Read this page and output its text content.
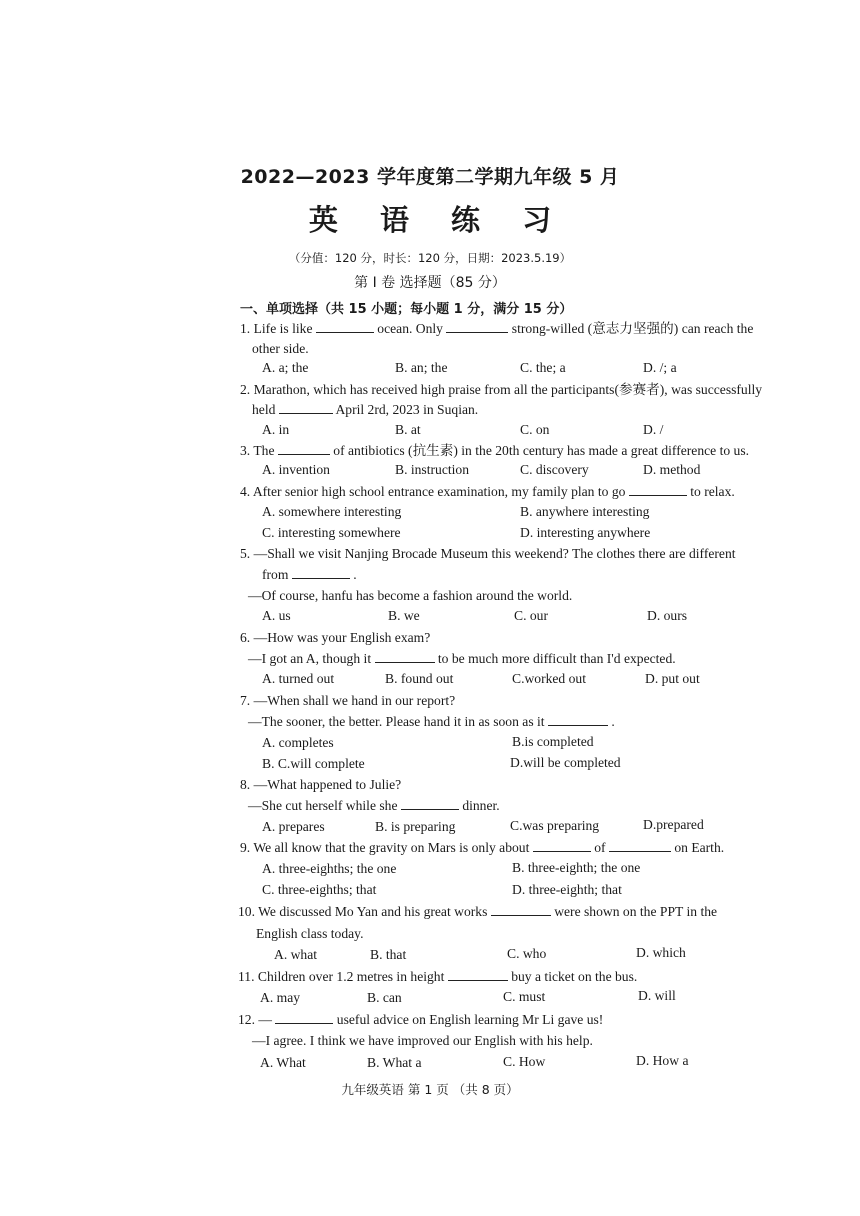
2022—2023 学年度第二学期九年级 5 月
英 语 练 习
（分值：120 分，时长：120 分，日期：2023.5.19）
第 I 卷 选择题（85 分）
一、单项选择（共 15 小题；每小题 1 分，满分 15 分）
1. Life is like	ocean. Only	strong-willed (意志力坚强的) can reach the
other side.
A. a; the	B. an; the	C. the; a	D. /; a
2. Marathon, which has received high praise from all the participants(参赛者), was successfully
held	April 2rd, 2023 in Suqian.
A. in	B. at	C. on	D. /
3. The	of antibiotics (抗生素) in the 20th century has made a great difference to us.
A. invention	B. instruction	C. discovery	D. method
4. After senior high school entrance examination, my family plan to go	to relax.
A. somewhere interesting	B. anywhere interesting
C. interesting somewhere	D. interesting anywhere
5. —Shall we visit Nanjing Brocade Museum this weekend? The clothes there are different
from	.
—Of course, hanfu has become a fashion around the world.
A. us	B. we	C. our	D. ours
6. —How was your English exam?
—I got an A, though it	to be much more difficult than I'd expected.
A. turned out	B. found out	C.worked out	D. put out
7. —When shall we hand in our report?
—The sooner, the better. Please hand it in as soon as it	.
A. completes	B.is completed
B. C.will complete	D.will be completed
8. —What happened to Julie?
—She cut herself while she	dinner.
A. prepares	B. is preparing	C.was preparing	D.prepared
9. We all know that the gravity on Mars is only about	of	on Earth.
A. three-eighths; the one	B. three-eighth; the one
C. three-eighths; that	D. three-eighth; that
10. We discussed Mo Yan and his great works	were shown on the PPT in the
English class today.
A. what	B. that	C. who	D. which
11. Children over 1.2 metres in height	buy a ticket on the bus.
A. may	B. can	C. must	D. will
12. —	useful advice on English learning Mr Li gave us!
—I agree. I think we have improved our English with his help.
A. What	B. What a	C. How	D. How a
九年级英语 第 1 页 （共 8 页）
